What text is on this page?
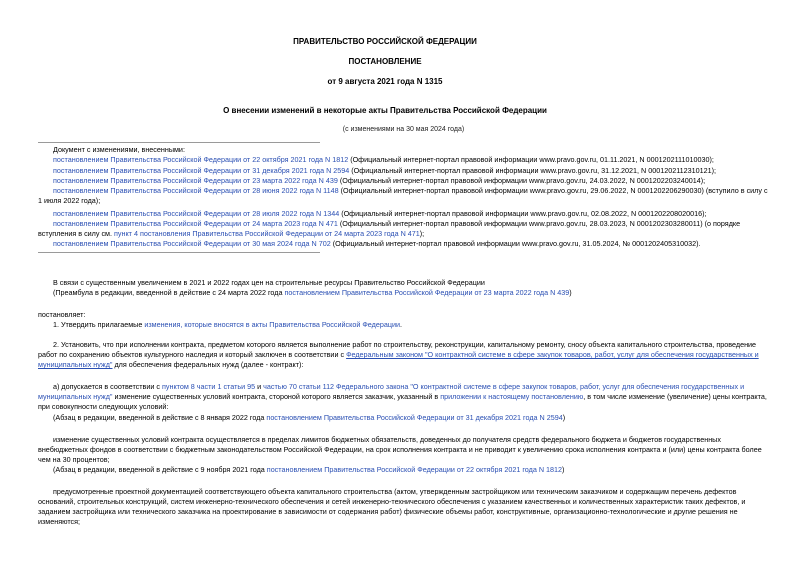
ПРАВИТЕЛЬСТВО РОССИЙСКОЙ ФЕДЕРАЦИИ
ПОСТАНОВЛЕНИЕ
от 9 августа 2021 года N 1315
О внесении изменений в некоторые акты Правительства Российской Федерации
(с изменениями на 30 мая 2024 года)
Документ с изменениями, внесенными:
постановлением Правительства Российской Федерации от 22 октября 2021 года N 1812 (Официальный интернет-портал правовой информации www.pravo.gov.ru, 01.11.2021, N 0001202111010030);
постановлением Правительства Российской Федерации от 31 декабря 2021 года N 2594 (Официальный интернет-портал правовой информации www.pravo.gov.ru, 31.12.2021, N 0001202112310121);
постановлением Правительства Российской Федерации от 23 марта 2022 года N 439 (Официальный интернет-портал правовой информации www.pravo.gov.ru, 24.03.2022, N 0001202203240014);
постановлением Правительства Российской Федерации от 28 июня 2022 года N 1148 (Официальный интернет-портал правовой информации www.pravo.gov.ru, 29.06.2022, N 0001202206290030) (вступило в силу с
1 июля 2022 года);
постановлением Правительства Российской Федерации от 28 июля 2022 года N 1344 (Официальный интернет-портал правовой информации www.pravo.gov.ru, 02.08.2022, N 0001202208020016);
постановлением Правительства Российской Федерации от 24 марта 2023 года N 471 (Официальный интернет-портал правовой информации www.pravo.gov.ru, 28.03.2023, N 0001202303280011) (о порядке
вступления в силу см. пункт 4 постановления Правительства Российской Федерации от 24 марта 2023 года N 471);
постановлением Правительства Российской Федерации от 30 мая 2024 года N 702 (Официальный интернет-портал правовой информации www.pravo.gov.ru, 31.05.2024, № 0001202405310032).
В связи с существенным увеличением в 2021 и 2022 годах цен на строительные ресурсы Правительство Российской Федерации
(Преамбула в редакции, введенной в действие с 24 марта 2022 года постановлением Правительства Российской Федерации от 23 марта 2022 года N 439)
постановляет:
1. Утвердить прилагаемые изменения, которые вносятся в акты Правительства Российской Федерации.
2. Установить, что при исполнении контракта, предметом которого является выполнение работ по строительству, реконструкции, капитальному ремонту, сносу объекта капитального строительства, проведение
работ по сохранению объектов культурного наследия и который заключен в соответствии с Федеральным законом "О контрактной системе в сфере закупок товаров, работ, услуг для обеспечения государственных и
муниципальных нужд" для обеспечения федеральных нужд (далее - контракт):
а) допускается в соответствии с пунктом 8 части 1 статьи 95 и частью 70 статьи 112 Федерального закона "О контрактной системе в сфере закупок товаров, работ, услуг для обеспечения государственных и
муниципальных нужд" изменение существенных условий контракта, стороной которого является заказчик, указанный в приложении к настоящему постановлению, в том числе изменение (увеличение) цены контракта,
при совокупности следующих условий:
(Абзац в редакции, введенной в действие с 8 января 2022 года постановлением Правительства Российской Федерации от 31 декабря 2021 года N 2594)
изменение существенных условий контракта осуществляется в пределах лимитов бюджетных обязательств, доведенных до получателя средств федерального бюджета и бюджетов государственных
внебюджетных фондов в соответствии с бюджетным законодательством Российской Федерации, на срок исполнения контракта и не приводит к увеличению срока исполнения контракта и (или) цены контракта более
чем на 30 процентов;
(Абзац в редакции, введенной в действие с 9 ноября 2021 года постановлением Правительства Российской Федерации от 22 октября 2021 года N 1812)
предусмотренные проектной документацией соответствующего объекта капитального строительства (актом, утвержденным застройщиком или техническим заказчиком и содержащим перечень дефектов
оснований, строительных конструкций, систем инженерно-технического обеспечения и сетей инженерно-технического обеспечения с указанием качественных и количественных характеристик таких дефектов, и
заданием застройщика или технического заказчика на проектирование в зависимости от содержания работ) физические объемы работ, конструктивные, организационно-технологические и другие решения не
изменяются;
